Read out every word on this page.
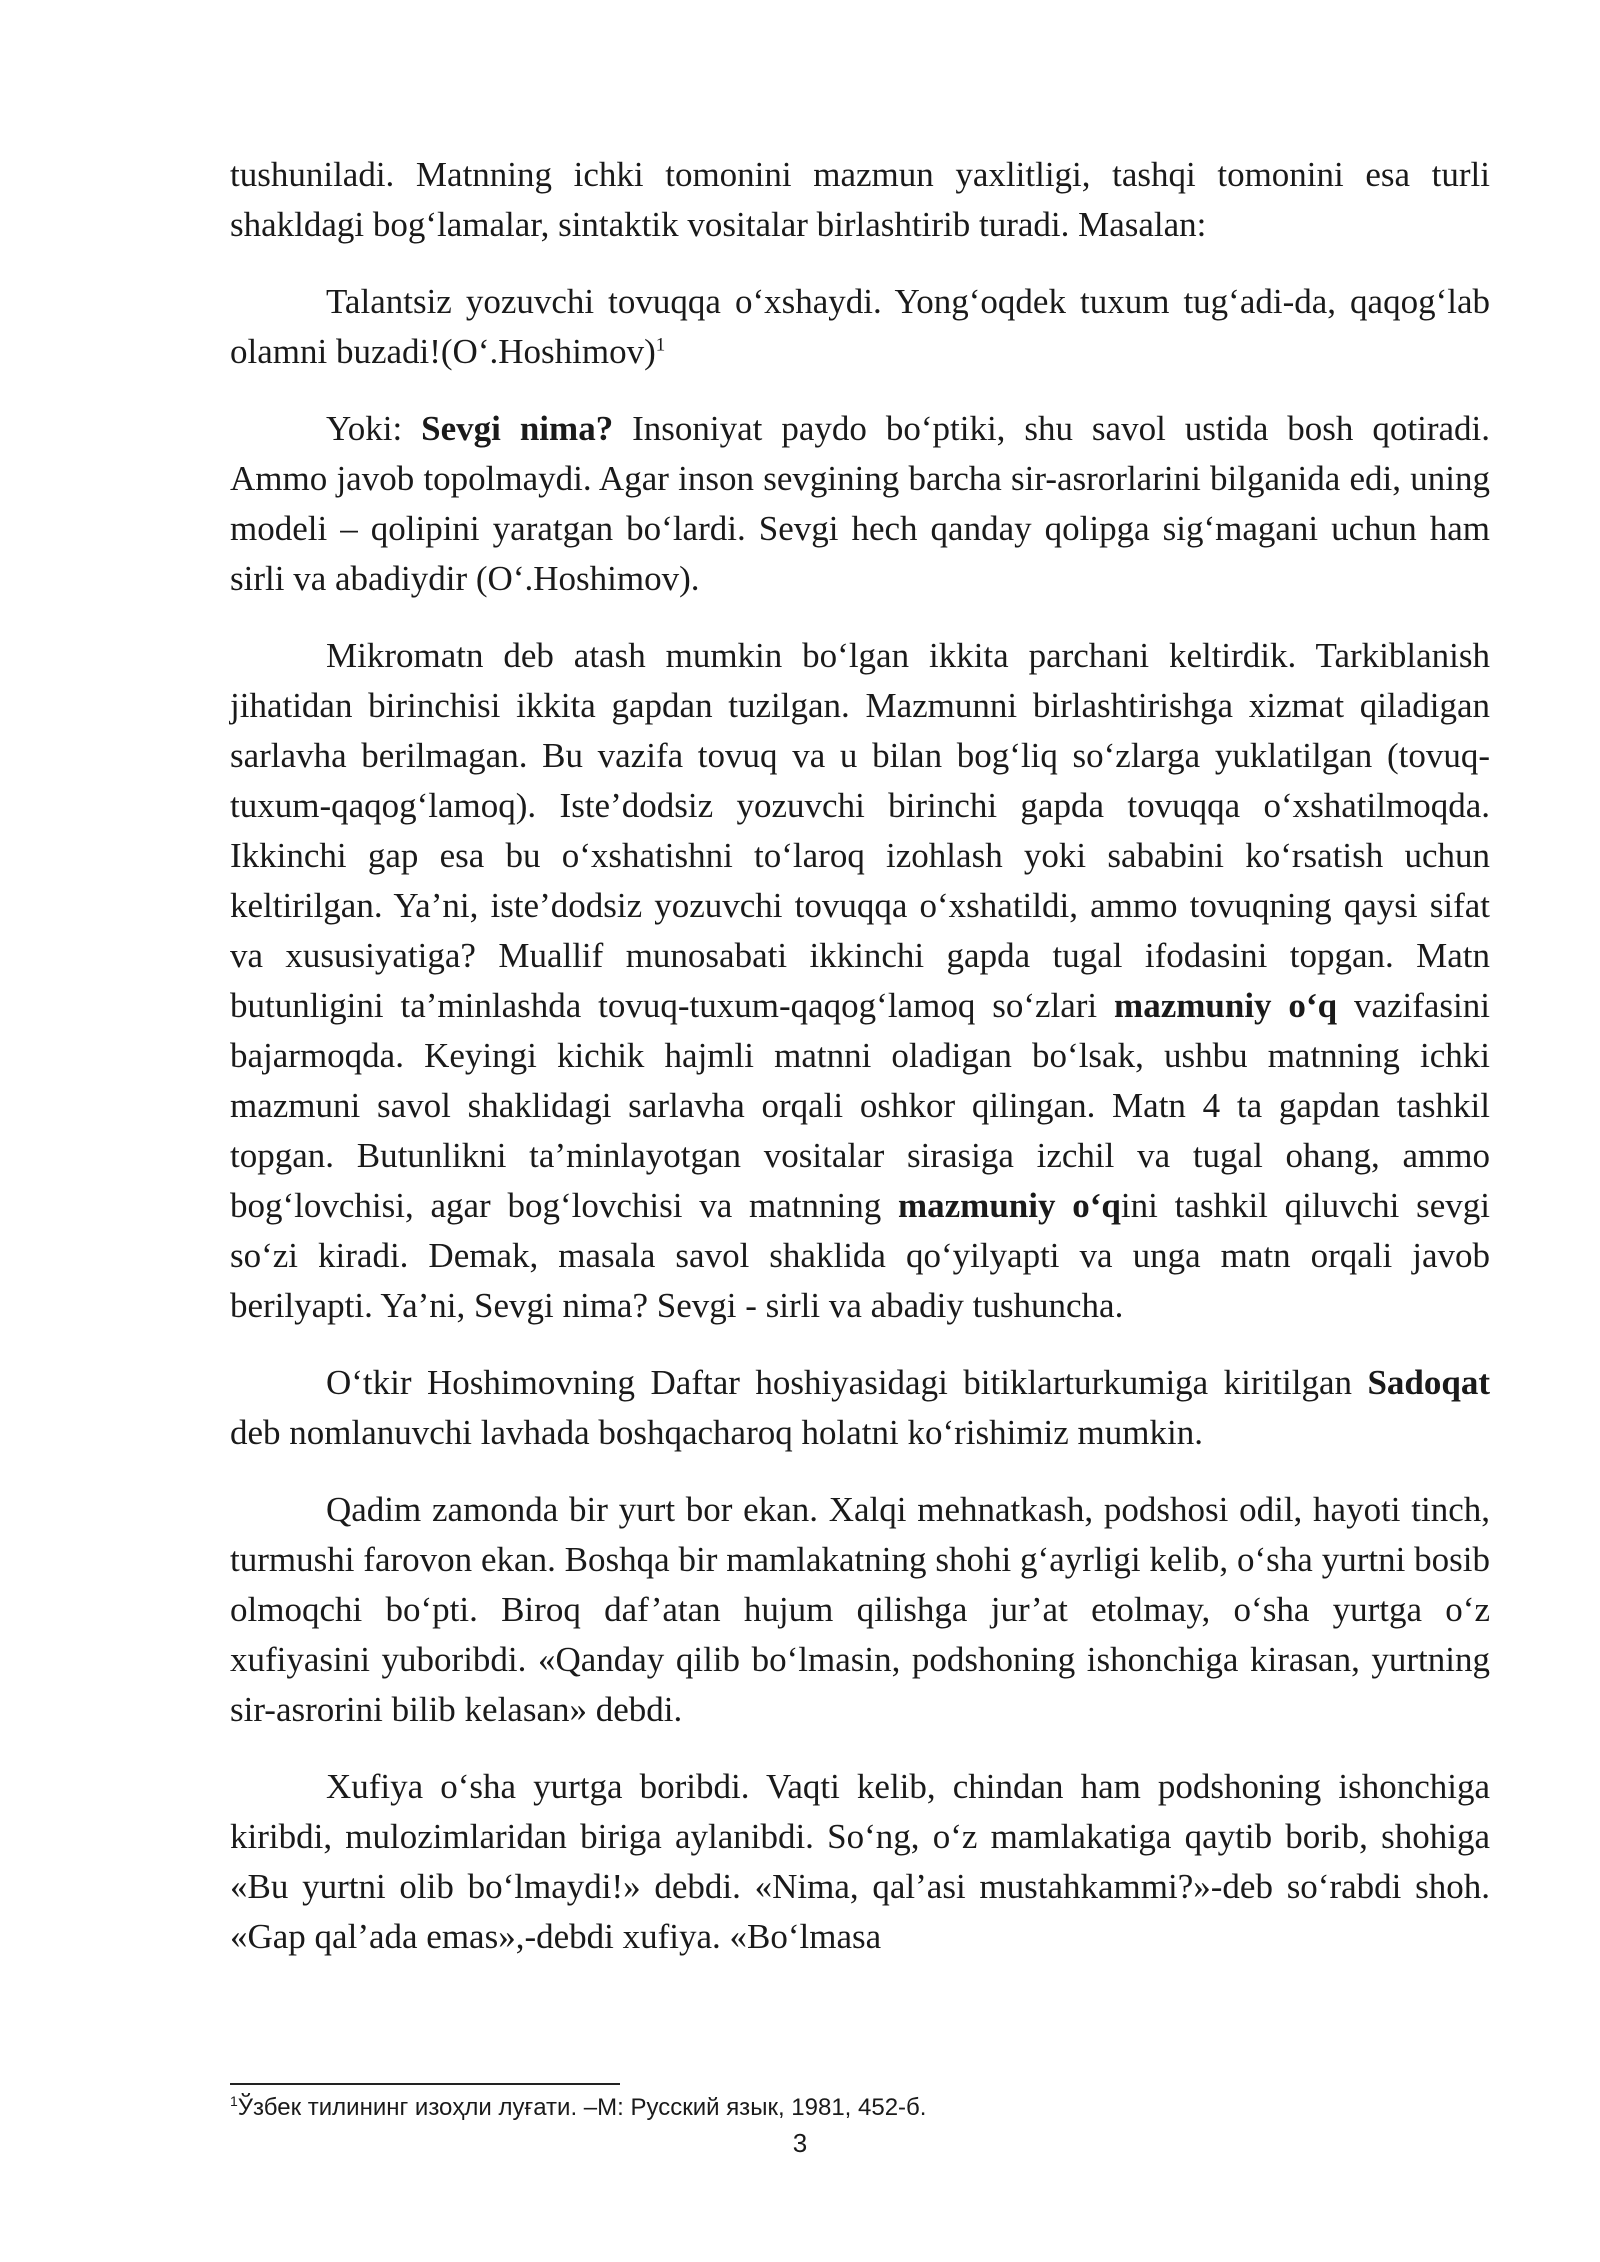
tushuniladi. Matnning ichki tomonini mazmun yaxlitligi, tashqi tomonini esa turli shakldagi bog‘lamalar, sintaktik vositalar birlashtirib turadi. Masalan:

Talantsiz yozuvchi tovuqqa o‘xshaydi. Yong‘oqdek tuxum tug‘adi-da, qaqog‘lab olamni buzadi!(O‘.Hoshimov)$^1$

Yoki: Sevgi nima? Insoniyat paydo bo‘ptiki, shu savol ustida bosh qotiradi. Ammo javob topolmaydi. Agar inson sevgining barcha sir-asrorlarini bilganida edi, uning modeli – qolipini yaratgan bo‘lardi. Sevgi hech qanday qolipga sig‘magani uchun ham sirli va abadiydir (O‘.Hoshimov).

Mikromatn deb atash mumkin bo‘lgan ikkita parchani keltirdik. Tarkiblanish jihatidan birinchisi ikkita gapdan tuzilgan. Mazmunni birlashtirishga xizmat qiladigan sarlavha berilmagan. Bu vazifa tovuq va u bilan bog‘liq so‘zlarga yuklatilgan (tovuq-tuxum-qaqog‘lamoq). Iste’dodsiz yozuvchi birinchi gapda tovuqqa o‘xshatilmoqda. Ikkinchi gap esa bu o‘xshatishni to‘laroq izohlash yoki sababini ko‘rsatish uchun keltirilgan. Ya’ni, iste’dodsiz yozuvchi tovuqqa o‘xshatildi, ammo tovuqning qaysi sifat va xususiyatiga? Muallif munosabati ikkinchi gapda tugal ifodasini topgan. Matn butunligini ta’minlashda tovuq-tuxum-qaqog‘lamoq so‘zlari mazmuniy o‘q vazifasini bajarmoqda. Keyingi kichik hajmli matnni oladigan bo‘lsak, ushbu matnning ichki mazmuni savol shaklidagi sarlavha orqali oshkor qilingan. Matn 4 ta gapdan tashkil topgan. Butunlikni ta’minlayotgan vositalar sirasiga izchil va tugal ohang, ammo bog‘lovchisi, agar bog‘lovchisi va matnning mazmuniy o‘qini tashkil qiluvchi sevgi so‘zi kiradi. Demak, masala savol shaklida qo‘yilyapti va unga matn orqali javob berilyapti. Ya’ni, Sevgi nima? Sevgi - sirli va abadiy tushuncha.

O‘tkir Hoshimovning Daftar hoshiyasidagi bitiklarturkumiga kiritilgan Sadoqat deb nomlanuvchi lavhada boshqacharoq holatni ko‘rishimiz mumkin.

Qadim zamonda bir yurt bor ekan. Xalqi mehnatkash, podshosi odil, hayoti tinch, turmushi farovon ekan. Boshqa bir mamlakatning shohi g‘ayrligi kelib, o‘sha yurtni bosib olmoqchi bo‘pti. Biroq daf’atan hujum qilishga jur’at etolmay, o‘sha yurtga o‘z xufiyasini yuboribdi. «Qanday qilib bo‘lmasin, podshoning ishonchiga kirasan, yurtning sir-asrorini bilib kelasan» debdi.

Xufiya o‘sha yurtga boribdi. Vaqti kelib, chindan ham podshoning ishonchiga kiribdi, mulozimlaridan biriga aylanibdi. So‘ng, o‘z mamlakatiga qaytib borib, shohiga «Bu yurtni olib bo‘lmaydi!» debdi. «Nima, qal’asi mustahkammi?»-deb so‘rabdi shoh. «Gap qal’ada emas»,-debdi xufiya. «Bo‘lmasa

$^1$Ўзбек тилининг изоҳли луғати. –М: Русский язык, 1981, 452-б.
3
